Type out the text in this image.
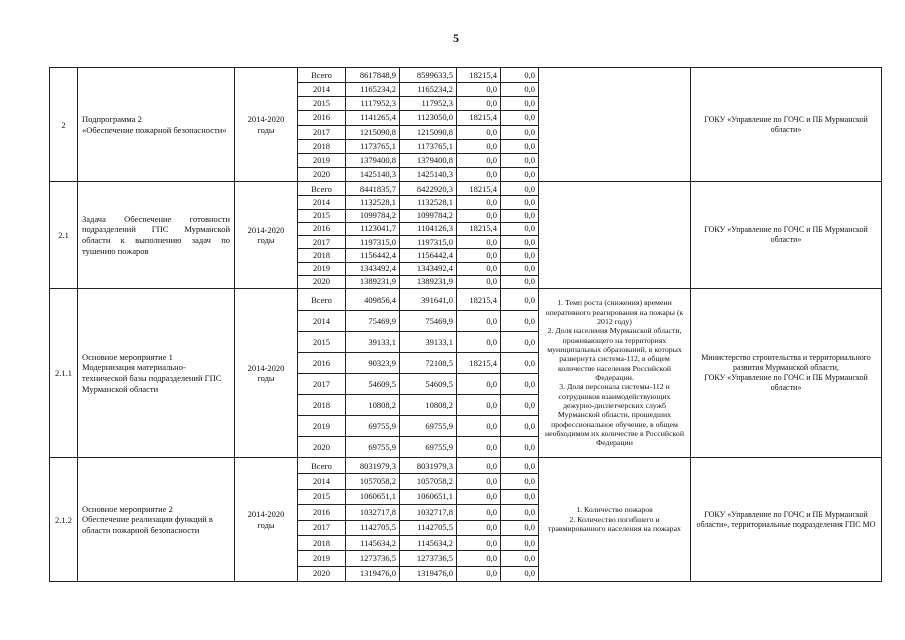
5
2
Подпрограмма 2
«Обеспечение пожарной безопасности»
2014-2020
годы
Всего
2014
2015
2016
2017
2018
2019
2020
8617848,9
1165234,2
1117952,3
1141265,4
1215090,8
1173765,1
1379400,8
1425140,3
8599633,5
1165234,2
117952,3
1123050,0
1215090,8
1173765,1
1379400,8
1425140,3
18215,4
0,0
0,0
18215,4
0,0
0,0
0,0
0,0
0,0
0,0
0,0
0,0
0,0
0,0
0,0
0,0
ГОКУ «Управление по ГОЧС и ПБ Мурманской области»
2.1
Задача Обеспечение готовности подразделений ГПС Мурманской области к выполнению задач по тушению пожаров
2014-2020
годы
Всего
2014
2015
2016
2017
2018
2019
2020
8441835,7
1132528,1
1099784,2
1123041,7
1197315,0
1156442,4
1343492,4
1389231,9
8422920,3
1132528,1
1099784,2
1104126,3
1197315,0
1156442,4
1343492,4
1389231,9
18215,4
0,0
0,0
18215,4
0,0
0,0
0,0
0,0
0,0
0,0
0,0
0,0
0,0
0,0
0,0
0,0
ГОКУ «Управление по ГОЧС и ПБ Мурманской области»
2.1.1
Основное мероприятие 1
Модернизация материально-технической базы подразделений ГПС Мурманской области
2014-2020
годы
Всего
2014
2015
2016
2017
2018
2019
2020
409856,4
75469,9
39133,1
90323,9
54609,5
10808,2
69755,9
69755,9
391641,0
75469,9
39133,1
72108,5
54609,5
10808,2
69755,9
69755,9
18215,4
0,0
0,0
18215,4
0,0
0,0
0,0
0,0
0,0
0,0
0,0
0,0
0,0
0,0
0,0
0,0
1. Темп роста (снижения) времени оперативного реагирования на пожары (к 2012 году)
2. Доля населения Мурманской области, проживающего на территориях муниципальных образований, в которых развернута система-112, в общем количестве населения Российской Федерации.
3. Доля персонала системы-112 и сотрудников взаимодействующих дежурно-диспетчерских служб Мурманской области, прошедших профессиональное обучение, в общем необходимом их количестве в Российской Федерации
Министерство строительства и территориального развития Мурманской области,
ГОКУ «Управление по ГОЧС и ПБ Мурманской области»
2.1.2
Основное мероприятие 2
Обеспечение реализации функций в области пожарной безопасности
2014-2020
годы
Всего
2014
2015
2016
2017
2018
2019
2020
8031979,3
1057058,2
1060651,1
1032717,8
1142705,5
1145634,2
1273736,5
1319476,0
8031979,3
1057058,2
1060651,1
1032717,8
1142705,5
1145634,2
1273736,5
1319476,0
0,0
0,0
0,0
0,0
0,0
0,0
0,0
0,0
0,0
0,0
0,0
0,0
0,0
0,0
0,0
0,0
1. Количество пожаров
2. Количество погибшего и травмированного населения на пожарах
ГОКУ «Управление по ГОЧС и ПБ Мурманской области», территориальные подразделения ГПС МО
